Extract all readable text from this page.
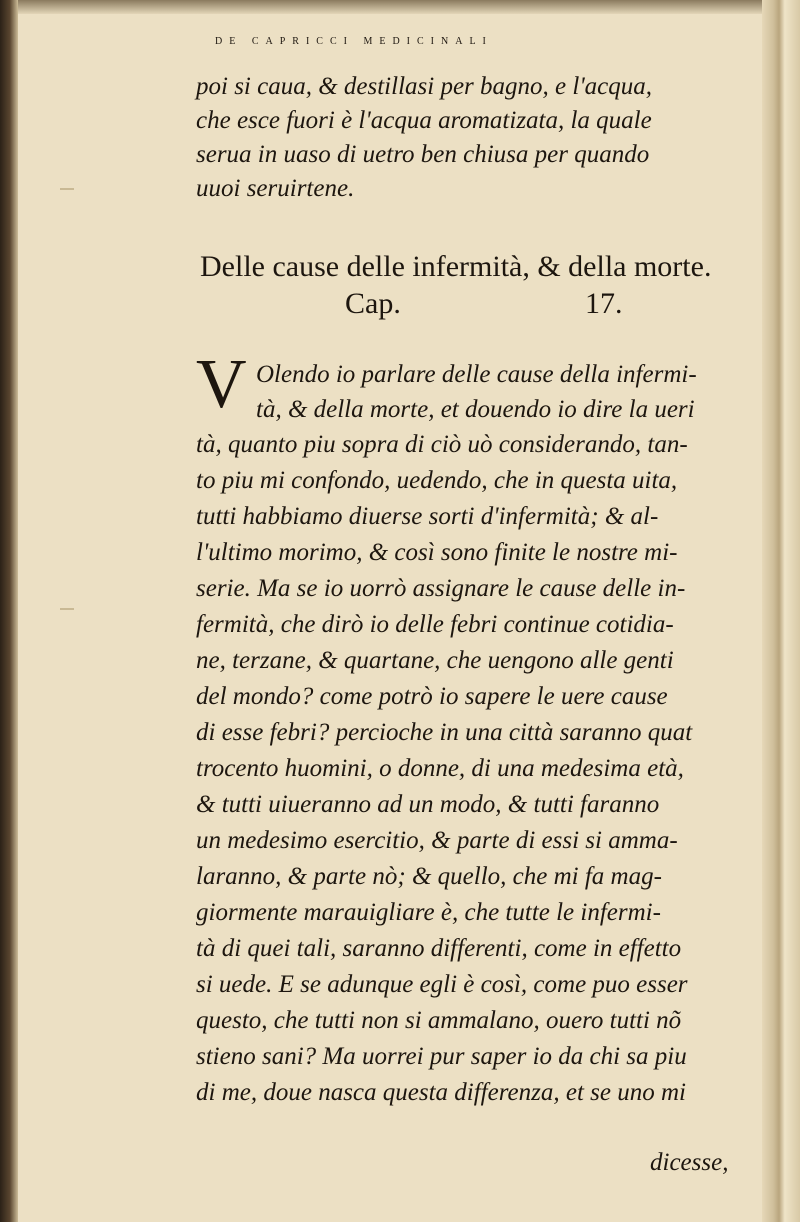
DE CAPRICCI MEDICINALI
poi si caua, & destillasi per bagno, e l'acqua,
che esce fuori è l'acqua aromatizata, la quale
serua in uaso di uetro ben chiusa per quando
uuoi seruirtene.
Delle cause delle infermità, & della morte.
Cap.	17.
V Olendo io parlare delle cause della infermi-
tà, & della morte, et douendo io dire la ueri
tà, quanto piu sopra di ciò uò considerando, tan-
to piu mi confondo, uedendo, che in questa uita,
tutti habbiamo diuerse sorti d'infermità; & al-
l'ultimo morimo, & così sono finite le nostre mi-
serie. Ma se io uorrò assignare le cause delle in-
fermità, che dirò io delle febri continue cotidia-
ne, terzane, & quartane, che uengono alle genti
del mondo? come potrò io sapere le uere cause
di esse febri? percioche in una città saranno quat
trocento huomini, o donne, di una medesima età,
& tutti uiueranno ad un modo, & tutti faranno
un medesimo esercitio, & parte di essi si amma-
laranno, & parte nò; & quello, che mi fa mag-
giormente marauigliare è, che tutte le infermi-
tà di quei tali, saranno differenti, come in effetto
si uede. E se adunque egli è così, come puo esser
questo, che tutti non si ammalano, ouero tutti nõ
stieno sani? Ma uorrei pur saper io da chi sa piu
di me, doue nasca questa differenza, et se uno mi
dicesse,
